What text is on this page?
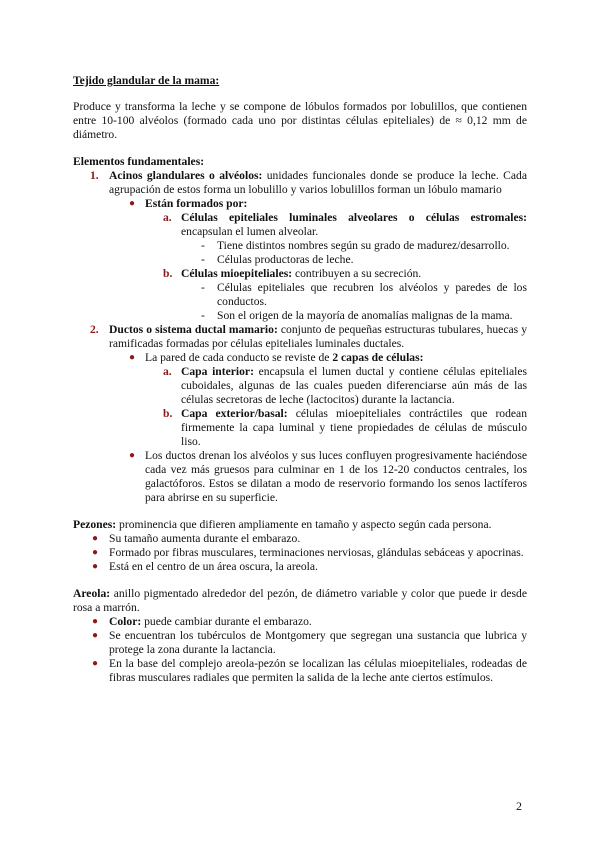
Tejido glandular de la mama:

Produce y transforma la leche y se compone de lóbulos formados por lobulillos, que contienen entre 10-100 alvéolos (formado cada uno por distintas células epiteliales) de ≈ 0,12 mm de diámetro.

Elementos fundamentales:

1. Acinos glandulares o alvéolos: unidades funcionales donde se produce la leche. Cada agrupación de estos forma un lobulillo y varios lobulillos forman un lóbulo mamario
● Están formados por:
a. Células epiteliales luminales alveolares o células estromales: encapsulan el lumen alveolar.
- Tiene distintos nombres según su grado de madurez/desarrollo.
- Células productoras de leche.
b. Células mioepiteliales: contribuyen a su secreción.
- Células epiteliales que recubren los alvéolos y paredes de los conductos.
- Son el origen de la mayoría de anomalías malignas de la mama.
2. Ductos o sistema ductal mamario: conjunto de pequeñas estructuras tubulares, huecas y ramificadas formadas por células epiteliales luminales ductales.
● La pared de cada conducto se reviste de 2 capas de células:
a. Capa interior: encapsula el lumen ductal y contiene células epiteliales cuboidales, algunas de las cuales pueden diferenciarse aún más de las células secretoras de leche (lactocitos) durante la lactancia.
b. Capa exterior/basal: células mioepiteliales contráctiles que rodean firmemente la capa luminal y tiene propiedades de células de músculo liso.
● Los ductos drenan los alvéolos y sus luces confluyen progresivamente haciéndose cada vez más gruesos para culminar en 1 de los 12-20 conductos centrales, los galactóforos. Estos se dilatan a modo de reservorio formando los senos lactíferos para abrirse en su superficie.

Pezones: prominencia que difieren ampliamente en tamaño y aspecto según cada persona.

● Su tamaño aumenta durante el embarazo.
● Formado por fibras musculares, terminaciones nerviosas, glándulas sebáceas y apocrinas.
● Está en el centro de un área oscura, la areola.

Areola: anillo pigmentado alrededor del pezón, de diámetro variable y color que puede ir desde rosa a marrón.

● Color: puede cambiar durante el embarazo.
● Se encuentran los tubérculos de Montgomery que segregan una sustancia que lubrica y protege la zona durante la lactancia.
● En la base del complejo areola-pezón se localizan las células mioepiteliales, rodeadas de fibras musculares radiales que permiten la salida de la leche ante ciertos estímulos.
2
